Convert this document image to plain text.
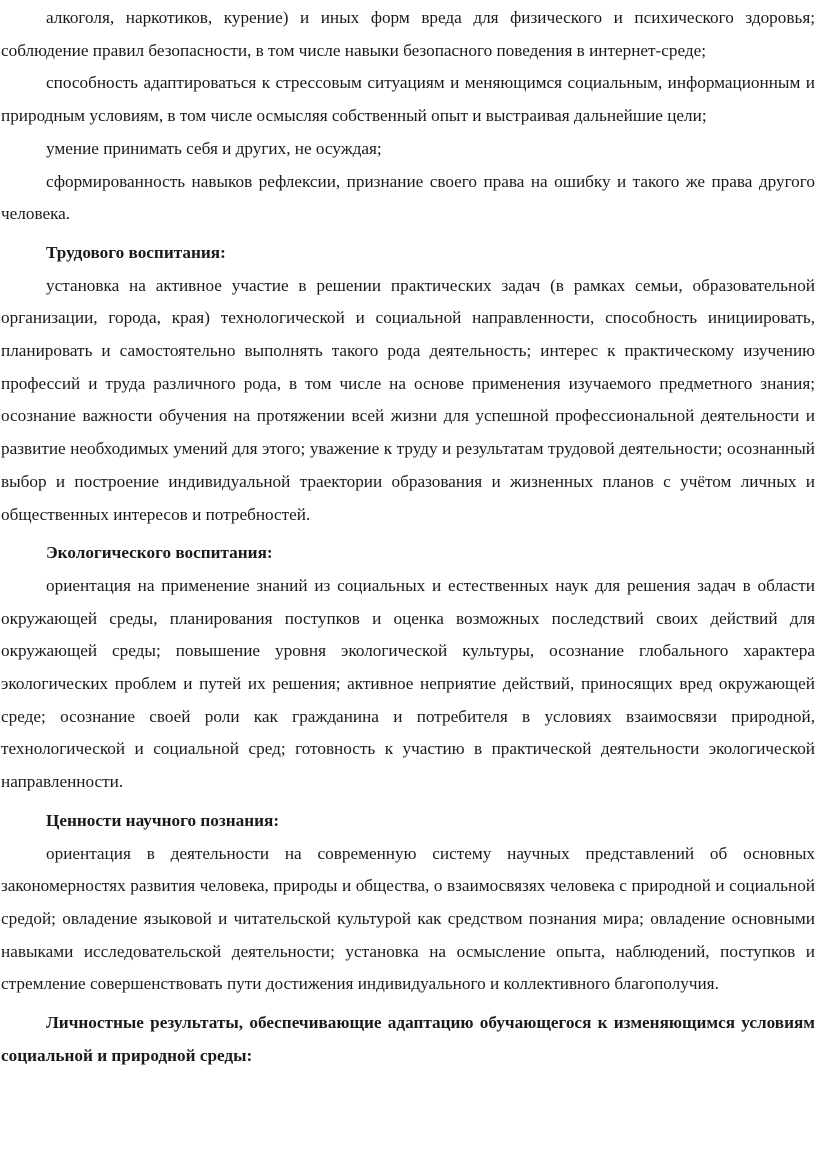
алкоголя, наркотиков, курение) и иных форм вреда для физического и психического здоровья; соблюдение правил безопасности, в том числе навыки безопасного поведения в интернет-среде;

способность адаптироваться к стрессовым ситуациям и меняющимся социальным, информационным и природным условиям, в том числе осмысляя собственный опыт и выстраивая дальнейшие цели;

умение принимать себя и других, не осуждая;

сформированность навыков рефлексии, признание своего права на ошибку и такого же права другого человека.

Трудового воспитания:

установка на активное участие в решении практических задач (в рамках семьи, образовательной организации, города, края) технологической и социальной направленности, способность инициировать, планировать и самостоятельно выполнять такого рода деятельность; интерес к практическому изучению профессий и труда различного рода, в том числе на основе применения изучаемого предметного знания; осознание важности обучения на протяжении всей жизни для успешной профессиональной деятельности и развитие необходимых умений для этого; уважение к труду и результатам трудовой деятельности; осознанный выбор и построение индивидуальной траектории образования и жизненных планов с учётом личных и общественных интересов и потребностей.

Экологического воспитания:

ориентация на применение знаний из социальных и естественных наук для решения задач в области окружающей среды, планирования поступков и оценка возможных последствий своих действий для окружающей среды; повышение уровня экологической культуры, осознание глобального характера экологических проблем и путей их решения; активное неприятие действий, приносящих вред окружающей среде; осознание своей роли как гражданина и потребителя в условиях взаимосвязи природной, технологической и социальной сред; готовность к участию в практической деятельности экологической направленности.

Ценности научного познания:

ориентация в деятельности на современную систему научных представлений об основных закономерностях развития человека, природы и общества, о взаимосвязях человека с природной и социальной средой; овладение языковой и читательской культурой как средством познания мира; овладение основными навыками исследовательской деятельности; установка на осмысление опыта, наблюдений, поступков и стремление совершенствовать пути достижения индивидуального и коллективного благополучия.

Личностные результаты, обеспечивающие адаптацию обучающегося к изменяющимся условиям социальной и природной среды:
